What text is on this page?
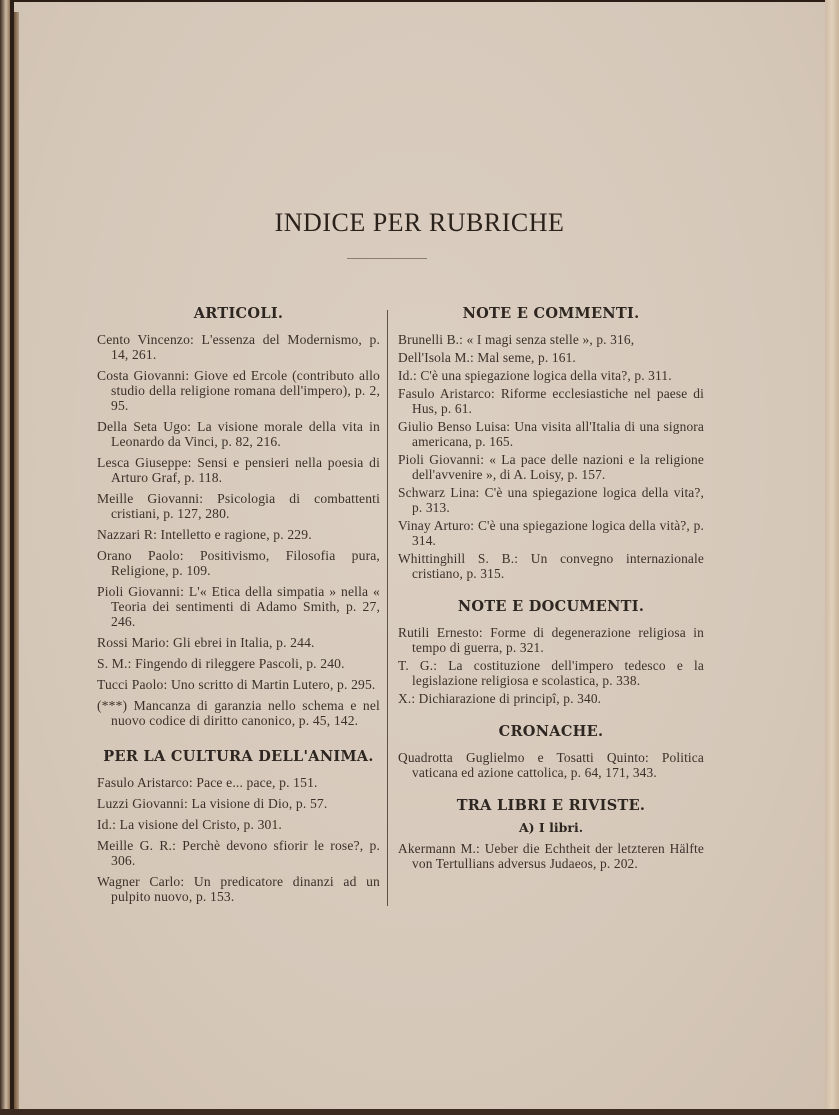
INDICE PER RUBRICHE
ARTICOLI.
Cento Vincenzo: L'essenza del Modernismo, p. 14, 261.
Costa Giovanni: Giove ed Ercole (contributo allo studio della religione romana dell'impero), p. 2, 95.
Della Seta Ugo: La visione morale della vita in Leonardo da Vinci, p. 82, 216.
Lesca Giuseppe: Sensi e pensieri nella poesia di Arturo Graf, p. 118.
Meille Giovanni: Psicologia di combattenti cristiani, p. 127, 280.
Nazzari R: Intelletto e ragione, p. 229.
Orano Paolo: Positivismo, Filosofia pura, Religione, p. 109.
Pioli Giovanni: L'« Etica della simpatia » nella « Teoria dei sentimenti di Adamo Smith, p. 27, 246.
Rossi Mario: Gli ebrei in Italia, p. 244.
S. M.: Fingendo di rileggere Pascoli, p. 240.
Tucci Paolo: Uno scritto di Martin Lutero, p. 295.
(***) Mancanza di garanzia nello schema e nel nuovo codice di diritto canonico, p. 45, 142.
PER LA CULTURA DELL'ANIMA.
Fasulo Aristarco: Pace e... pace, p. 151.
Luzzi Giovanni: La visione di Dio, p. 57.
Id.: La visione del Cristo, p. 301.
Meille G. R.: Perchè devono sfiorir le rose?, p. 306.
Wagner Carlo: Un predicatore dinanzi ad un pulpito nuovo, p. 153.
NOTE E COMMENTI.
Brunelli B.: « I magi senza stelle », p. 316,
Dell'Isola M.: Mal seme, p. 161.
Id.: C'è una spiegazione logica della vita?, p. 311.
Fasulo Aristarco: Riforme ecclesiastiche nel paese di Hus, p. 61.
Giulio Benso Luisa: Una visita all'Italia di una signora americana, p. 165.
Pioli Giovanni: « La pace delle nazioni e la religione dell'avvenire », di A. Loisy, p. 157.
Schwarz Lina: C'è una spiegazione logica della vita?, p. 313.
Vinay Arturo: C'è una spiegazione logica della vità?, p. 314.
Whittinghill S. B.: Un convegno internazionale cristiano, p. 315.
NOTE E DOCUMENTI.
Rutili Ernesto: Forme di degenerazione religiosa in tempo di guerra, p. 321.
T. G.: La costituzione dell'impero tedesco e la legislazione religiosa e scolastica, p. 338.
X.: Dichiarazione di principî, p. 340.
CRONACHE.
Quadrotta Guglielmo e Tosatti Quinto: Politica vaticana ed azione cattolica, p. 64, 171, 343.
TRA LIBRI E RIVISTE.
A) I libri.
Akermann M.: Ueber die Echtheit der letzteren Hälfte von Tertullians adversus Judaeos, p. 202.
